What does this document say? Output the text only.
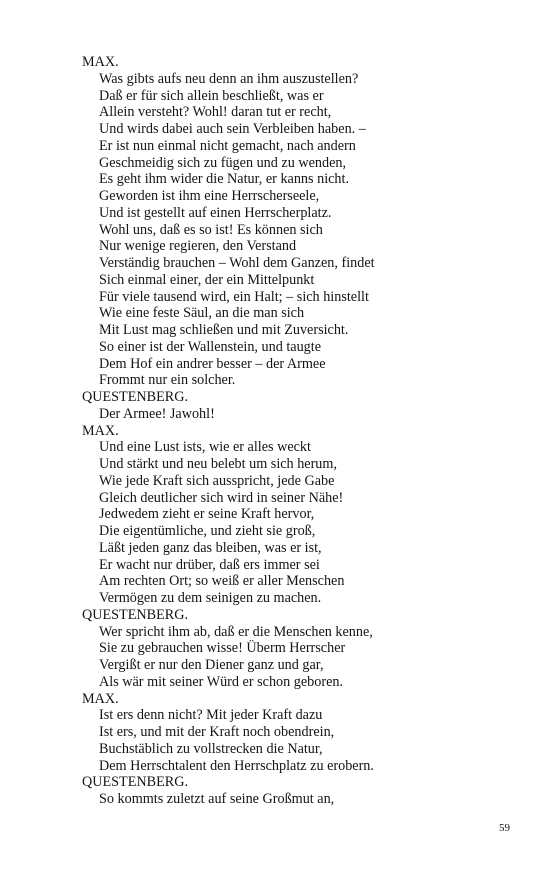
MAX.
Was gibts aufs neu denn an ihm auszustellen?
Daß er für sich allein beschließt, was er
Allein versteht? Wohl! daran tut er recht,
Und wirds dabei auch sein Verbleiben haben. –
Er ist nun einmal nicht gemacht, nach andern
Geschmeidig sich zu fügen und zu wenden,
Es geht ihm wider die Natur, er kanns nicht.
Geworden ist ihm eine Herrscherseele,
Und ist gestellt auf einen Herrscherplatz.
Wohl uns, daß es so ist! Es können sich
Nur wenige regieren, den Verstand
Verständig brauchen – Wohl dem Ganzen, findet
Sich einmal einer, der ein Mittelpunkt
Für viele tausend wird, ein Halt; – sich hinstellt
Wie eine feste Säul, an die man sich
Mit Lust mag schließen und mit Zuversicht.
So einer ist der Wallenstein, und taugte
Dem Hof ein andrer besser – der Armee
Frommt nur ein solcher.
QUESTENBERG.
Der Armee! Jawohl!
MAX.
Und eine Lust ists, wie er alles weckt
Und stärkt und neu belebt um sich herum,
Wie jede Kraft sich ausspricht, jede Gabe
Gleich deutlicher sich wird in seiner Nähe!
Jedwedem zieht er seine Kraft hervor,
Die eigentümliche, und zieht sie groß,
Läßt jeden ganz das bleiben, was er ist,
Er wacht nur drüber, daß ers immer sei
Am rechten Ort; so weiß er aller Menschen
Vermögen zu dem seinigen zu machen.
QUESTENBERG.
Wer spricht ihm ab, daß er die Menschen kenne,
Sie zu gebrauchen wisse! Überm Herrscher
Vergißt er nur den Diener ganz und gar,
Als wär mit seiner Würd er schon geboren.
MAX.
Ist ers denn nicht? Mit jeder Kraft dazu
Ist ers, und mit der Kraft noch obendrein,
Buchstäblich zu vollstrecken die Natur,
Dem Herrschtalent den Herrschplatz zu erobern.
QUESTENBERG.
So kommts zuletzt auf seine Großmut an,
59
